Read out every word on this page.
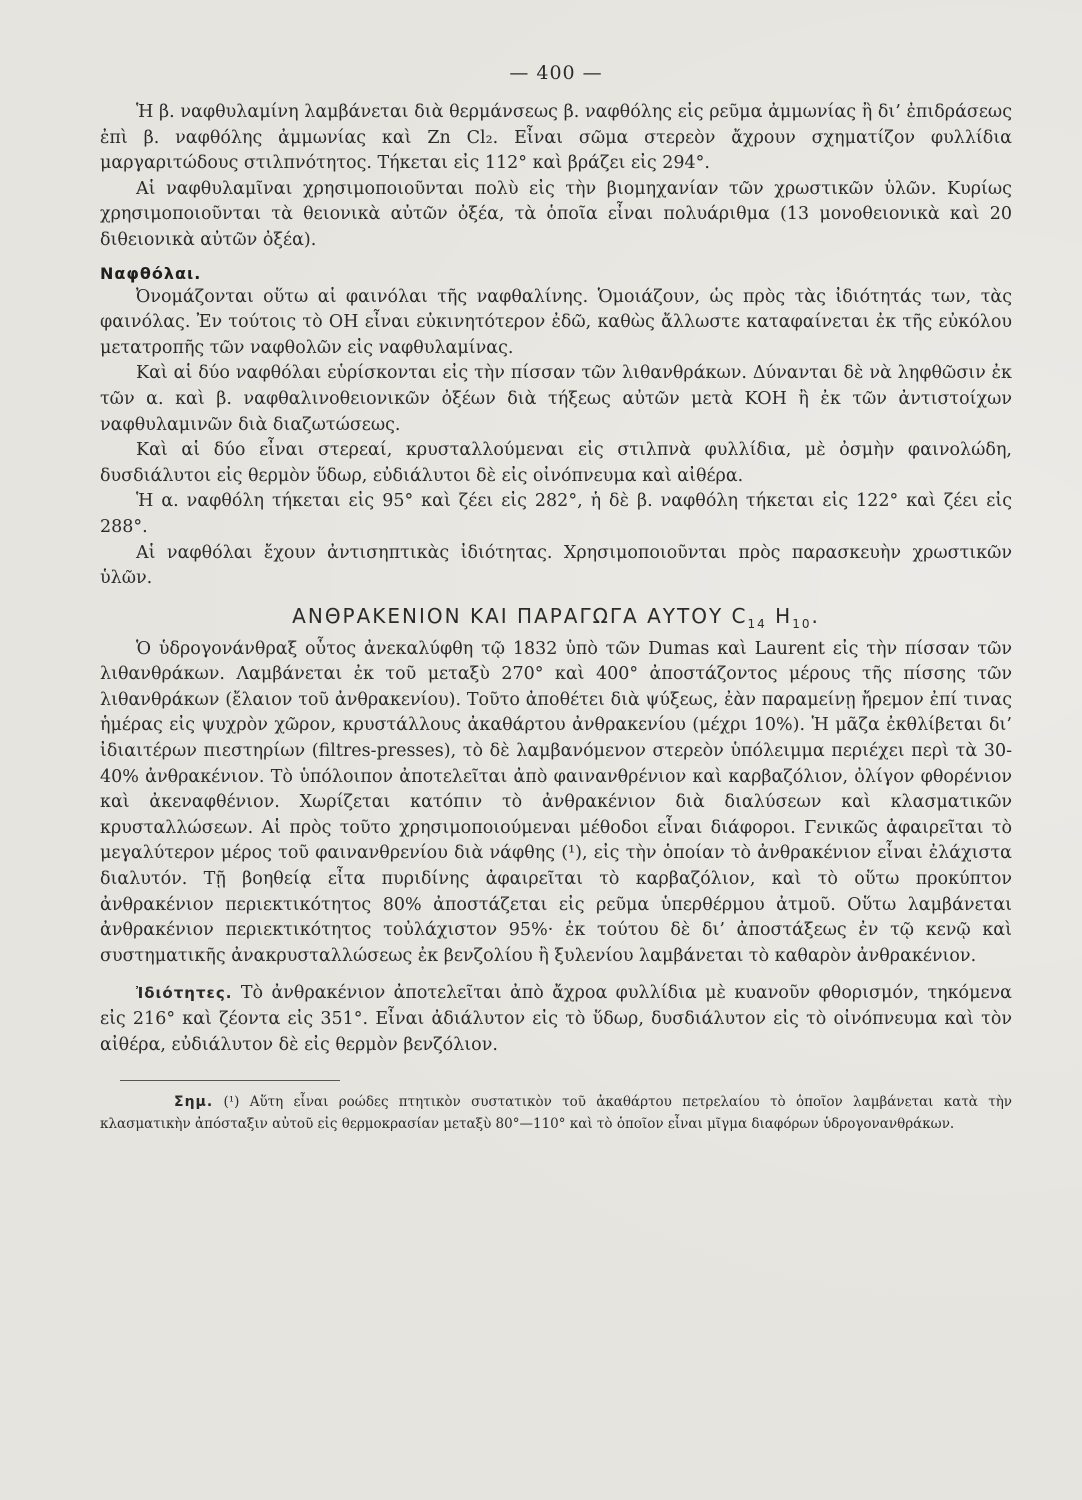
— 400 —

Ἡ β. ναφθυλαμίνη λαμβάνεται διὰ θερμάνσεως β. ναφθόλης εἰς ρεῦμα ἀμμωνίας ἢ δι’ ἐπιδράσεως ἐπὶ β. ναφθόλης ἀμμωνίας καὶ Zn Cl₂. Εἶναι σῶμα στερεὸν ἄχρουν σχηματίζον φυλλίδια μαργαριτώδους στιλπνότητος. Τήκεται εἰς 112° καὶ βράζει εἰς 294°.

Αἱ ναφθυλαμῖναι χρησιμοποιοῦνται πολὺ εἰς τὴν βιομηχανίαν τῶν χρωστικῶν ὑλῶν. Κυρίως χρησιμοποιοῦνται τὰ θειονικὰ αὐτῶν ὀξέα, τὰ ὁποῖα εἶναι πολυάριθμα (13 μονοθειονικὰ καὶ 20 διθειονικὰ αὐτῶν ὀξέα).

Ναφθόλαι.

Ὀνομάζονται οὕτω αἱ φαινόλαι τῆς ναφθαλίνης. Ὁμοιάζουν, ὡς πρὸς τὰς ἰδιότητάς των, τὰς φαινόλας. Ἐν τούτοις τὸ OH εἶναι εὐκινητότερον ἐδῶ, καθὼς ἄλλωστε καταφαίνεται ἐκ τῆς εὐκόλου μετατροπῆς τῶν ναφθολῶν εἰς ναφθυλαμίνας.

Καὶ αἱ δύο ναφθόλαι εὑρίσκονται εἰς τὴν πίσσαν τῶν λιθανθράκων. Δύνανται δὲ νὰ ληφθῶσιν ἐκ τῶν α. καὶ β. ναφθαλινοθειονικῶν ὀξέων διὰ τήξεως αὐτῶν μετὰ KOH ἢ ἐκ τῶν ἀντιστοίχων ναφθυλαμινῶν διὰ διαζωτώσεως.

Καὶ αἱ δύο εἶναι στερεαί, κρυσταλλούμεναι εἰς στιλπνὰ φυλλίδια, μὲ ὀσμὴν φαινολώδη, δυσδιάλυτοι εἰς θερμὸν ὕδωρ, εὐδιάλυτοι δὲ εἰς οἰνόπνευμα καὶ αἰθέρα.

Ἡ α. ναφθόλη τήκεται εἰς 95° καὶ ζέει εἰς 282°, ἡ δὲ β. ναφθόλη τήκεται εἰς 122° καὶ ζέει εἰς 288°.

Αἱ ναφθόλαι ἔχουν ἀντισηπτικὰς ἰδιότητας. Χρησιμοποιοῦνται πρὸς παρασκευὴν χρωστικῶν ὑλῶν.

ΑΝΘΡΑΚΕΝΙΟΝ ΚΑΙ ΠΑΡΑΓΩΓΑ ΑΥΤΟΥ $C_{14}$ $H_{10}$.

Ὁ ὑδρογονάνθραξ οὗτος ἀνεκαλύφθη τῷ 1832 ὑπὸ τῶν Dumas καὶ Laurent εἰς τὴν πίσσαν τῶν λιθανθράκων. Λαμβάνεται ἐκ τοῦ μεταξὺ 270° καὶ 400° ἀποστάζοντος μέρους τῆς πίσσης τῶν λιθανθράκων (ἔλαιον τοῦ ἀνθρακενίου). Τοῦτο ἀποθέτει διὰ ψύξεως, ἐὰν παραμείνῃ ἤρεμον ἐπί τινας ἡμέρας εἰς ψυχρὸν χῶρον, κρυστάλλους ἀκαθάρτου ἀνθρακενίου (μέχρι 10%). Ἡ μᾶζα ἐκθλίβεται δι’ ἰδιαιτέρων πιεστηρίων (filtres-presses), τὸ δὲ λαμβανόμενον στερεὸν ὑπόλειμμα περιέχει περὶ τὰ 30-40% ἀνθρακένιον. Τὸ ὑπόλοιπον ἀποτελεῖται ἀπὸ φαινανθρένιον καὶ καρβαζόλιον, ὀλίγον φθορένιον καὶ ἀκεναφθένιον. Χωρίζεται κατόπιν τὸ ἀνθρακένιον διὰ διαλύσεων καὶ κλασματικῶν κρυσταλλώσεων. Αἱ πρὸς τοῦτο χρησιμοποιούμεναι μέθοδοι εἶναι διάφοροι. Γενικῶς ἀφαιρεῖται τὸ μεγαλύτερον μέρος τοῦ φαινανθρενίου διὰ νάφθης (¹), εἰς τὴν ὁποίαν τὸ ἀνθρακένιον εἶναι ἐλάχιστα διαλυτόν. Τῇ βοηθείᾳ εἶτα πυριδίνης ἀφαιρεῖται τὸ καρβαζόλιον, καὶ τὸ οὕτω προκύπτον ἀνθρακένιον περιεκτικότητος 80% ἀποστάζεται εἰς ρεῦμα ὑπερθέρμου ἀτμοῦ. Οὕτω λαμβάνεται ἀνθρακένιον περιεκτικότητος τοὐλάχιστον 95%· ἐκ τούτου δὲ δι’ ἀποστάξεως ἐν τῷ κενῷ καὶ συστηματικῆς ἀνακρυσταλλώσεως ἐκ βενζολίου ἢ ξυλενίου λαμβάνεται τὸ καθαρὸν ἀνθρακένιον.

Ἰδιότητες. Τὸ ἀνθρακένιον ἀποτελεῖται ἀπὸ ἄχροα φυλλίδια μὲ κυανοῦν φθορισμόν, τηκόμενα εἰς 216° καὶ ζέοντα εἰς 351°. Εἶναι ἀδιάλυτον εἰς τὸ ὕδωρ, δυσδιάλυτον εἰς τὸ οἰνόπνευμα καὶ τὸν αἰθέρα, εὐδιάλυτον δὲ εἰς θερμὸν βενζόλιον.

Σημ. (¹) Αὕτη εἶναι ροώδες πτητικὸν συστατικὸν τοῦ ἀκαθάρτου πετρελαίου τὸ ὁποῖον λαμβάνεται κατὰ τὴν κλασματικὴν ἀπόσταξιν αὐτοῦ εἰς θερμοκρασίαν μεταξὺ 80°—110° καὶ τὸ ὁποῖον εἶναι μῖγμα διαφόρων ὑδρογονανθράκων.
